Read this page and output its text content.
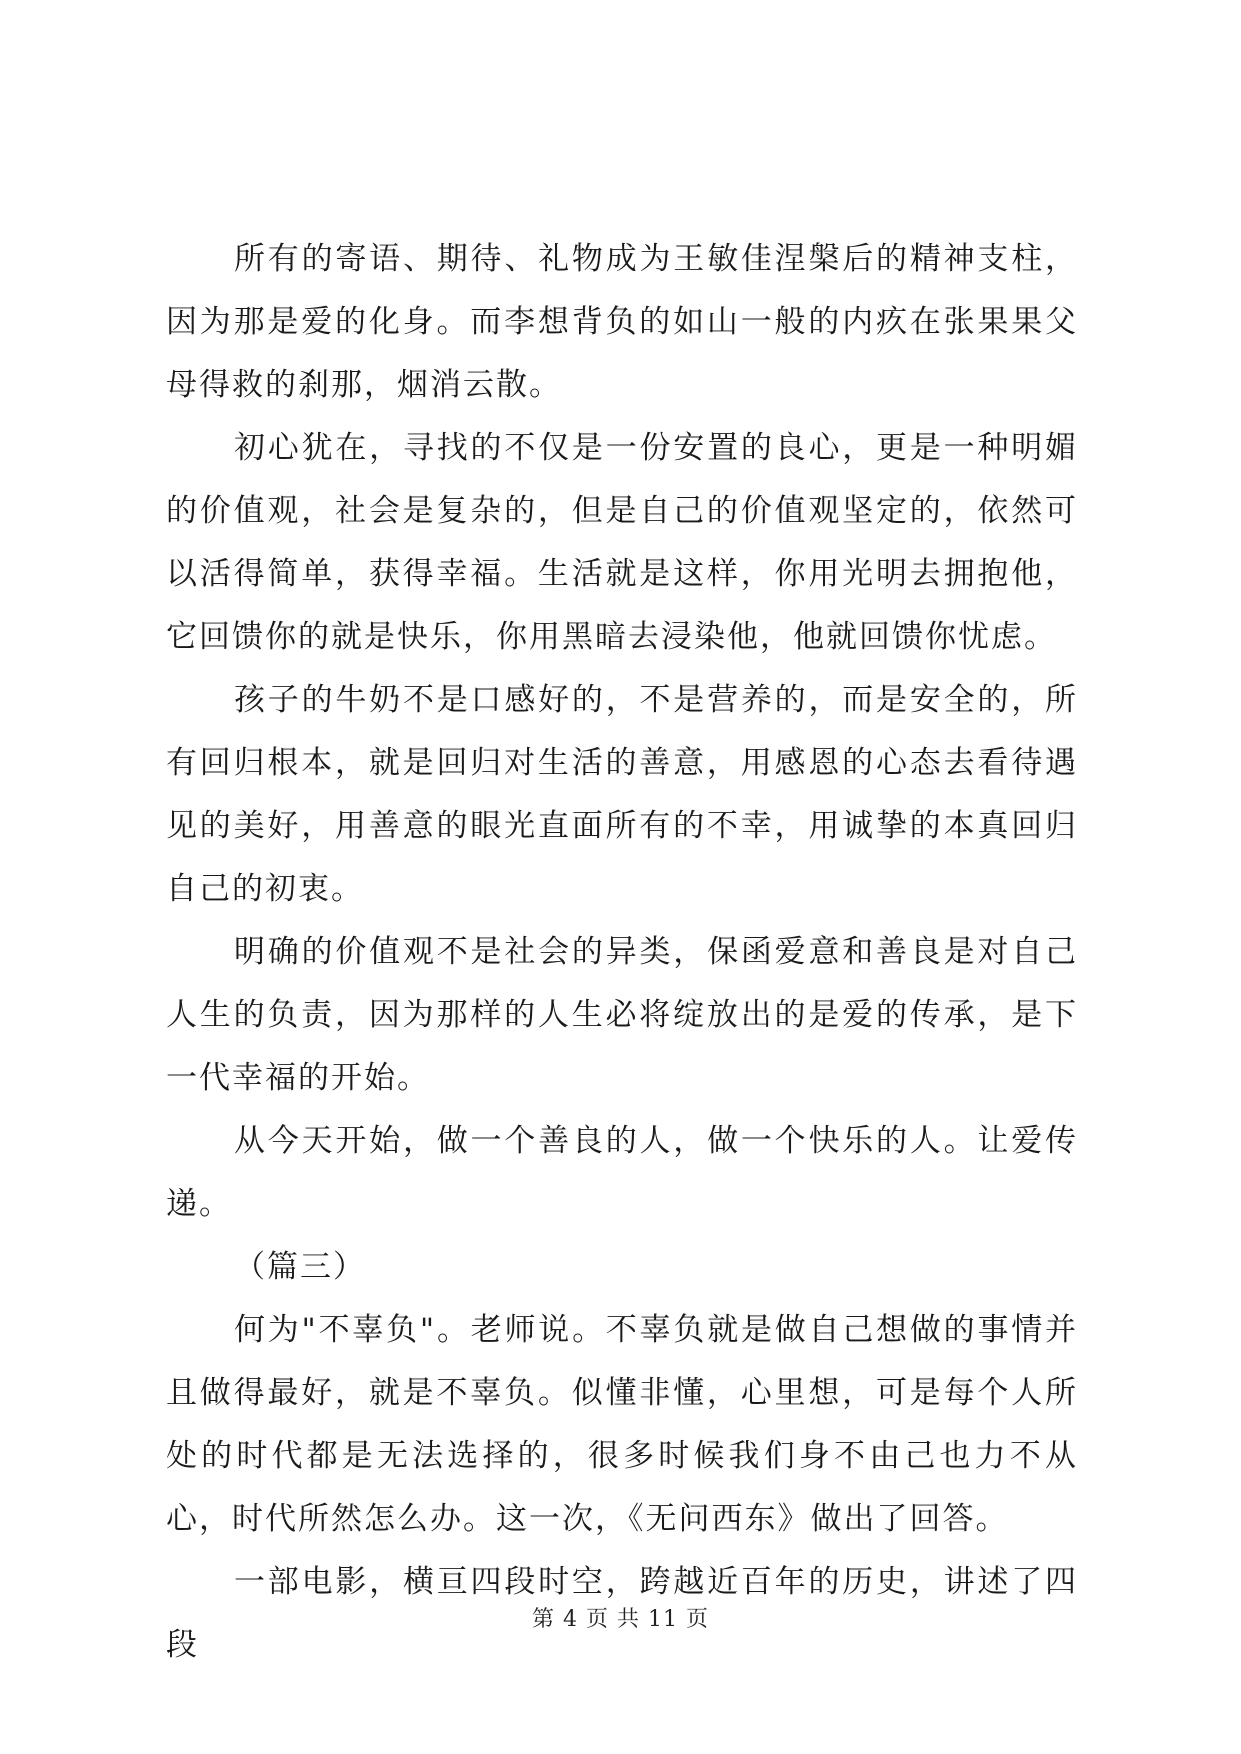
所有的寄语、期待、礼物成为王敏佳涅槃后的精神支柱，因为那是爱的化身。而李想背负的如山一般的内疚在张果果父母得救的刹那，烟消云散。

初心犹在，寻找的不仅是一份安置的良心，更是一种明媚的价值观，社会是复杂的，但是自己的价值观坚定的，依然可以活得简单，获得幸福。生活就是这样，你用光明去拥抱他，它回馈你的就是快乐，你用黑暗去浸染他，他就回馈你忧虑。

孩子的牛奶不是口感好的，不是营养的，而是安全的，所有回归根本，就是回归对生活的善意，用感恩的心态去看待遇见的美好，用善意的眼光直面所有的不幸，用诚挚的本真回归自己的初衷。

明确的价值观不是社会的异类，保函爱意和善良是对自己人生的负责，因为那样的人生必将绽放出的是爱的传承，是下一代幸福的开始。

从今天开始，做一个善良的人，做一个快乐的人。让爱传递。

（篇三）

何为"不辜负"。老师说。不辜负就是做自己想做的事情并且做得最好，就是不辜负。似懂非懂，心里想，可是每个人所处的时代都是无法选择的，很多时候我们身不由己也力不从心，时代所然怎么办。这一次，《无问西东》做出了回答。

一部电影，横亘四段时空，跨越近百年的历史，讲述了四段

第 4 页 共 11 页
